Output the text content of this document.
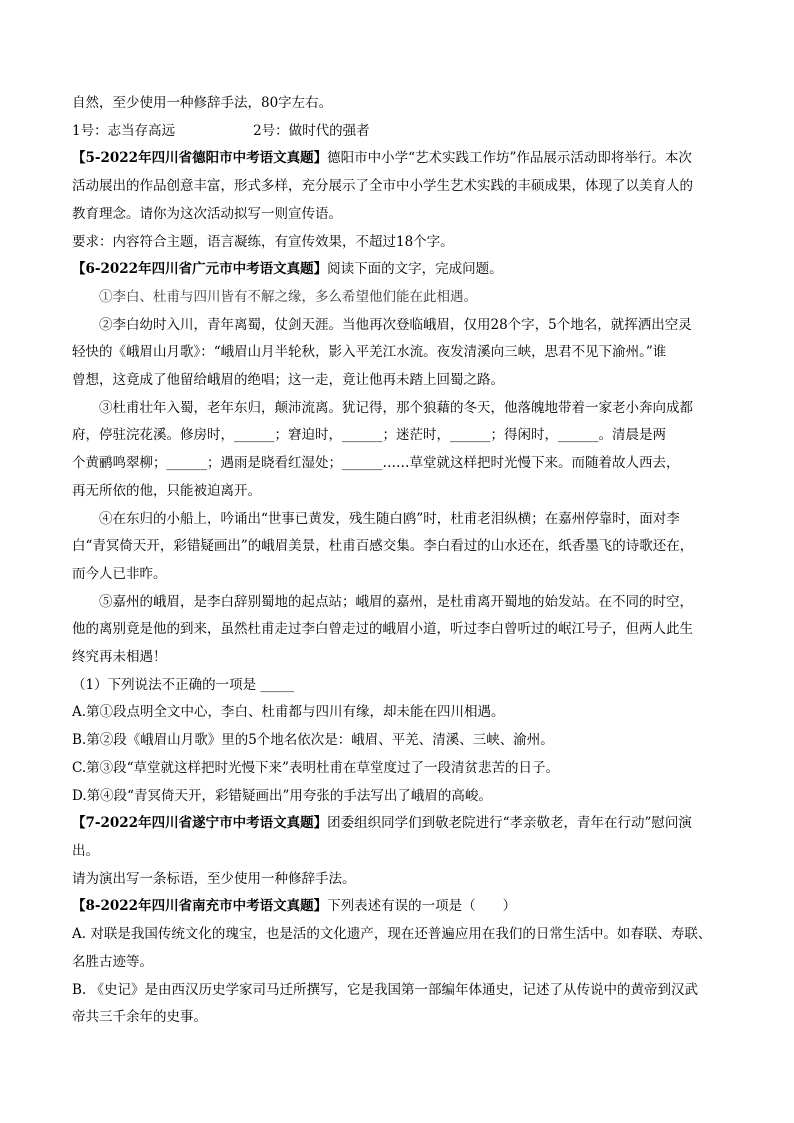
自然，至少使用一种修辞手法，80字左右。

1号：志当存高远	2号：做时代的强者

【5-2022年四川省德阳市中考语文真题】德阳市中小学“艺术实践工作坊”作品展示活动即将举行。本次

活动展出的作品创意丰富，形式多样，充分展示了全市中小学生艺术实践的丰硕成果，体现了以美育人的

教育理念。请你为这次活动拟写一则宣传语。

要求：内容符合主题，语言凝练，有宣传效果，不超过18个字。

【6-2022年四川省广元市中考语文真题】阅读下面的文字，完成问题。

①李白、杜甫与四川皆有不解之缘，多么希望他们能在此相遇。

②李白幼时入川，青年离蜀，仗剑天涯。当他再次登临峨眉，仅用28个字，5个地名，就挥洒出空灵

轻快的《峨眉山月歌》：“峨眉山月半轮秋，影入平羌江水流。夜发清溪向三峡，思君不见下渝州。”谁

曾想，这竟成了他留给峨眉的绝唱；这一走，竟让他再未踏上回蜀之路。

③杜甫壮年入蜀，老年东归，颠沛流离。犹记得，那个狼藉的冬天，他落魄地带着一家老小奔向成都

府，停驻浣花溪。修房时，______；窘迫时，______；迷茫时，______；得闲时，______。清晨是两

个黄鹂鸣翠柳；______；遇雨是晓看红湿处；______……草堂就这样把时光慢下来。而随着故人西去，

再无所依的他，只能被迫离开。

④在东归的小船上，吟诵出“世事已黄发，残生随白鸥”时，杜甫老泪纵横；在嘉州停靠时，面对李

白“青冥倚天开，彩错疑画出”的峨眉美景，杜甫百感交集。李白看过的山水还在，纸香墨飞的诗歌还在，

而今人已非昨。

⑤嘉州的峨眉，是李白辞别蜀地的起点站；峨眉的嘉州，是杜甫离开蜀地的始发站。在不同的时空，

他的离别竟是他的到来，虽然杜甫走过李白曾走过的峨眉小道，听过李白曾听过的岷江号子，但两人此生

终究再未相遇！

（1）下列说法不正确的一项是 _____

A.第①段点明全文中心，李白、杜甫都与四川有缘，却未能在四川相遇。

B.第②段《峨眉山月歌》里的5个地名依次是：峨眉、平羌、清溪、三峡、渝州。

C.第③段“草堂就这样把时光慢下来”表明杜甫在草堂度过了一段清贫悲苦的日子。

D.第④段“青冥倚天开，彩错疑画出”用夸张的手法写出了峨眉的高峻。

【7-2022年四川省遂宁市中考语文真题】团委组织同学们到敬老院进行“孝亲敬老，青年在行动”慰问演

出。

请为演出写一条标语，至少使用一种修辞手法。

【8-2022年四川省南充市中考语文真题】下列表述有误的一项是（　　）

A. 对联是我国传统文化的瑰宝，也是活的文化遗产，现在还普遍应用在我们的日常生活中。如春联、寿联、

名胜古迹等。

B. 《史记》是由西汉历史学家司马迁所撰写，它是我国第一部编年体通史，记述了从传说中的黄帝到汉武

帝共三千余年的史事。
